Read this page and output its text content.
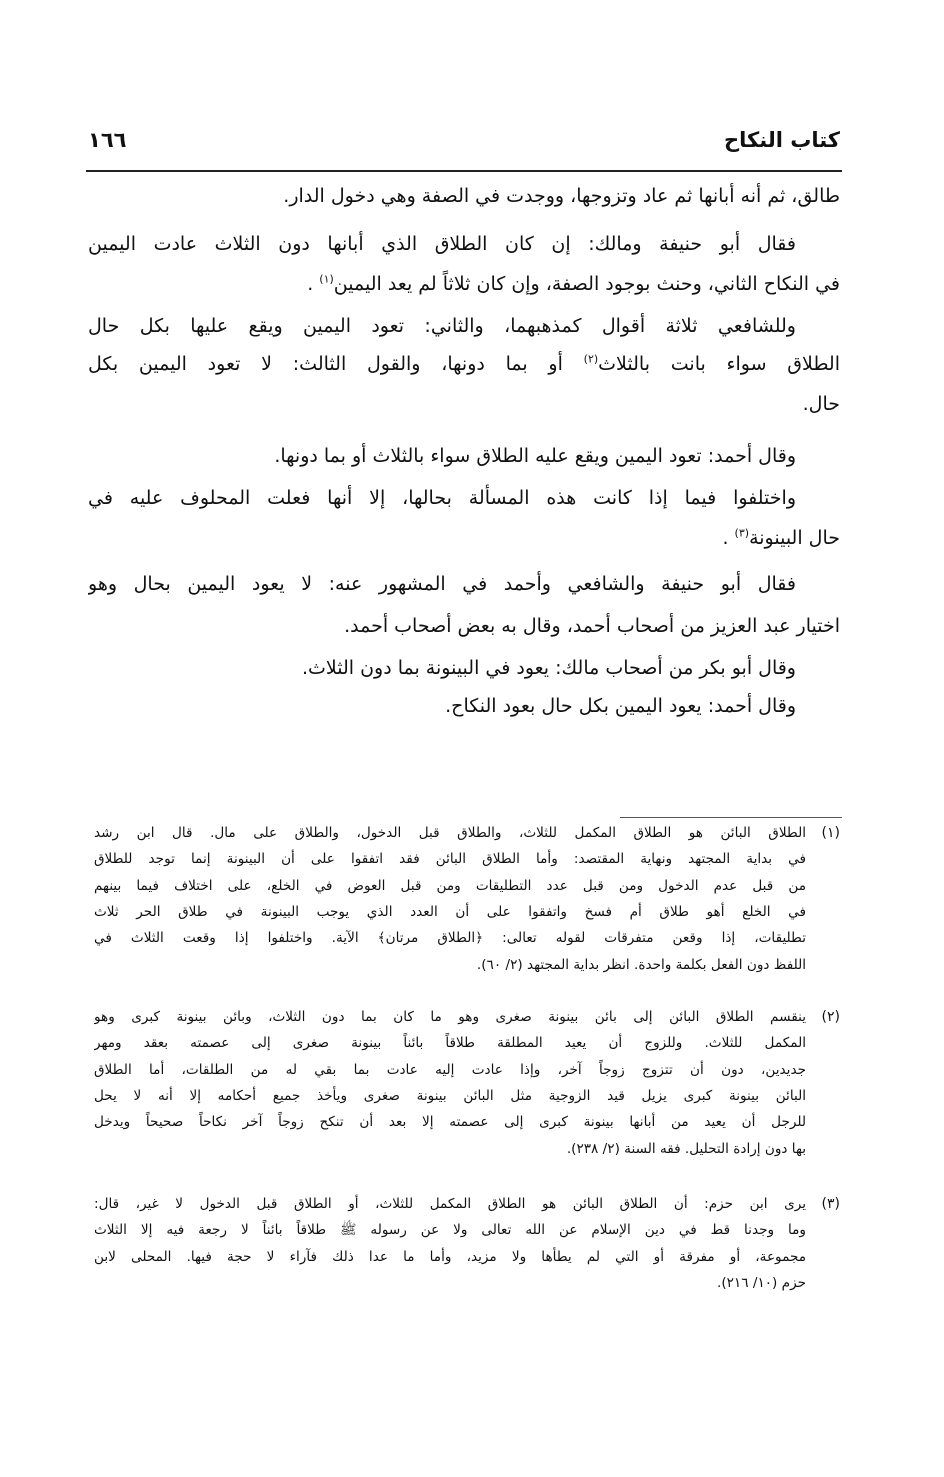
كتاب النكاح
١٦٦
طالق، ثم أنه أبانها ثم عاد وتزوجها، ووجدت في الصفة وهي دخول الدار.
فقال أبو حنيفة ومالك: إن كان الطلاق الذي أبانها دون الثلاث عادت اليمين
في النكاح الثاني، وحنث بوجود الصفة، وإن كان ثلاثاً لم يعد اليمين$^{(١)}$ .
وللشافعي ثلاثة أقوال كمذهبهما، والثاني: تعود اليمين ويقع عليها بكل حال
الطلاق سواء بانت بالثلاث$^{(٢)}$ أو بما دونها، والقول الثالث: لا تعود اليمين بكل
حال.
وقال أحمد: تعود اليمين ويقع عليه الطلاق سواء بالثلاث أو بما دونها.
واختلفوا فيما إذا كانت هذه المسألة بحالها، إلا أنها فعلت المحلوف عليه في
حال البينونة$^{(٣)}$ .
فقال أبو حنيفة والشافعي وأحمد في المشهور عنه: لا يعود اليمين بحال وهو
اختيار عبد العزيز من أصحاب أحمد، وقال به بعض أصحاب أحمد.
وقال أبو بكر من أصحاب مالك: يعود في البينونة بما دون الثلاث.
وقال أحمد: يعود اليمين بكل حال بعود النكاح.
(١)
الطلاق البائن هو الطلاق المكمل للثلاث، والطلاق قبل الدخول، والطلاق على مال. قال ابن رشد
في بداية المجتهد ونهاية المقتصد: وأما الطلاق البائن فقد اتفقوا على أن البينونة إنما توجد للطلاق
من قبل عدم الدخول ومن قبل عدد التطليقات ومن قبل العوض في الخلع، على اختلاف فيما بينهم
في الخلع أهو طلاق أم فسخ واتفقوا على أن العدد الذي يوجب البينونة في طلاق الحر ثلاث
تطليقات، إذا وقعن متفرقات لقوله تعالى: ﴿الطلاق مرتان﴾ الآية. واختلفوا إذا وقعت الثلاث في
اللفظ دون الفعل بكلمة واحدة. انظر بداية المجتهد (٢/ ٦٠).
(٢)
ينقسم الطلاق البائن إلى بائن بينونة صغرى وهو ما كان بما دون الثلاث، وبائن بينونة كبرى وهو
المكمل للثلاث. وللزوج أن يعيد المطلقة طلاقاً بائناً بينونة صغرى إلى عصمته بعقد ومهر
جديدين، دون أن تتزوج زوجاً آخر، وإذا عادت إليه عادت بما بقي له من الطلقات، أما الطلاق
البائن بينونة كبرى يزيل قيد الزوجية مثل البائن بينونة صغرى ويأخذ جميع أحكامه إلا أنه لا يحل
للرجل أن يعيد من أبانها بينونة كبرى إلى عصمته إلا بعد أن تنكح زوجاً آخر نكاحاً صحيحاً ويدخل
بها دون إرادة التحليل. فقه السنة (٢/ ٢٣٨).
(٣)
يرى ابن حزم: أن الطلاق البائن هو الطلاق المكمل للثلاث، أو الطلاق قبل الدخول لا غير، قال:
وما وجدنا قط في دين الإسلام عن الله تعالى ولا عن رسوله ﷺ طلاقاً بائناً لا رجعة فيه إلا الثلاث
مجموعة، أو مفرقة أو التي لم يطأها ولا مزيد، وأما ما عدا ذلك فآراء لا حجة فيها. المحلى لابن
حزم (١٠/ ٢١٦).
